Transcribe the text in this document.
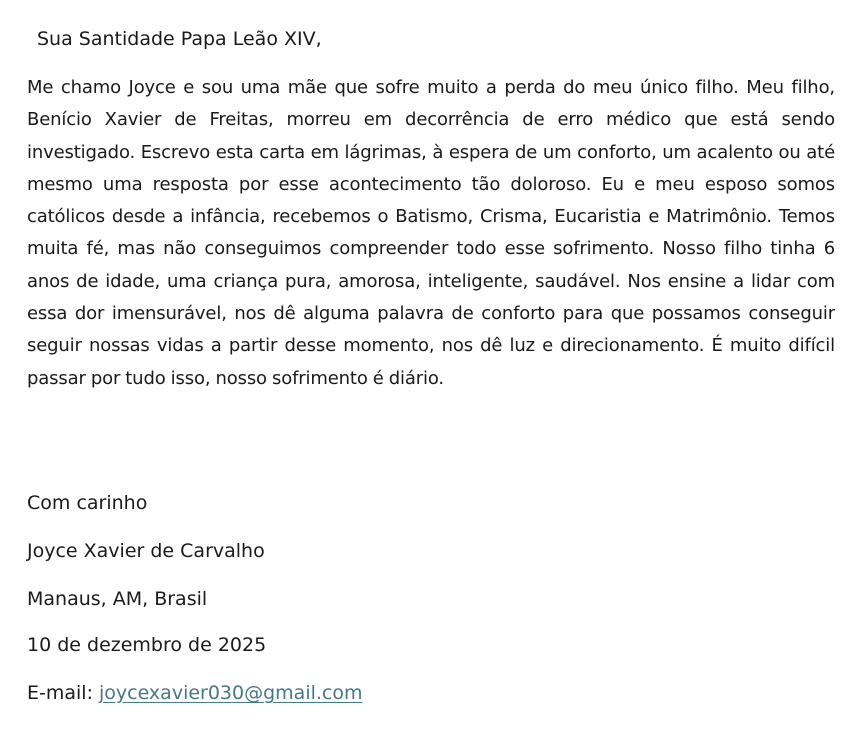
Sua Santidade Papa Leão XIV,

Me chamo Joyce e sou uma mãe que sofre muito a perda do meu único filho. Meu filho, Benício Xavier de Freitas, morreu em decorrência de erro médico que está sendo investigado. Escrevo esta carta em lágrimas, à espera de um conforto, um acalento ou até mesmo uma resposta por esse acontecimento tão doloroso. Eu e meu esposo somos católicos desde a infância, recebemos o Batismo, Crisma, Eucaristia e Matrimônio. Temos muita fé, mas não conseguimos compreender todo esse sofrimento. Nosso filho tinha 6 anos de idade, uma criança pura, amorosa, inteligente, saudável. Nos ensine a lidar com essa dor imensurável, nos dê alguma palavra de conforto para que possamos conseguir seguir nossas vidas a partir desse momento, nos dê luz e direcionamento. É muito difícil passar por tudo isso, nosso sofrimento é diário.

Com carinho

Joyce Xavier de Carvalho

Manaus, AM, Brasil

10 de dezembro de 2025

E-mail: joycexavier030@gmail.com
